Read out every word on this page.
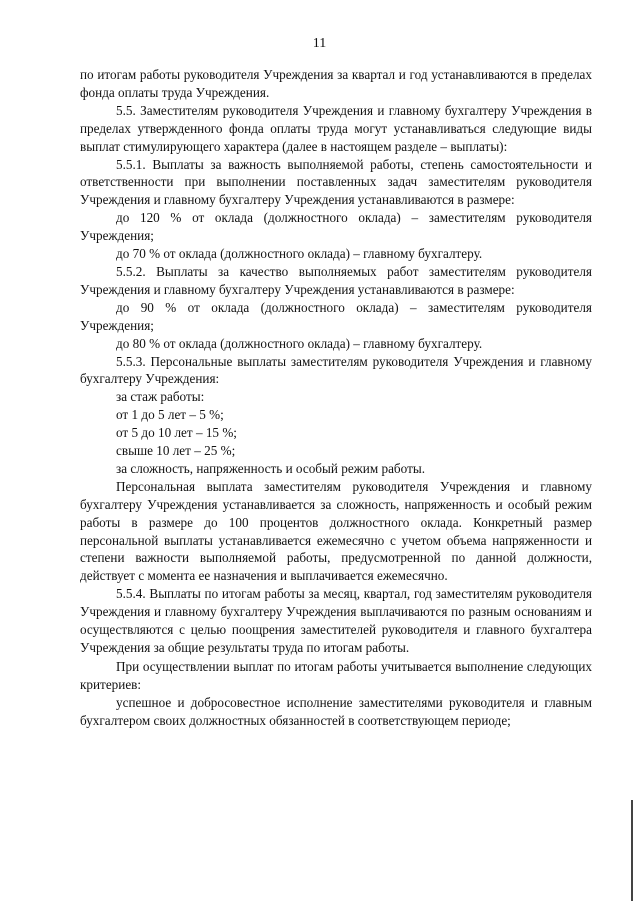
11

по итогам работы руководителя Учреждения за квартал и год устанавливаются в пределах фонда оплаты труда Учреждения.

5.5. Заместителям руководителя Учреждения и главному бухгалтеру Учреждения в пределах утвержденного фонда оплаты труда могут устанавливаться следующие виды выплат стимулирующего характера (далее в настоящем разделе – выплаты):

5.5.1. Выплаты за важность выполняемой работы, степень самостоятельности и ответственности при выполнении поставленных задач заместителям руководителя Учреждения и главному бухгалтеру Учреждения устанавливаются в размере:

до 120 % от оклада (должностного оклада) – заместителям руководителя Учреждения;

до 70 % от оклада (должностного оклада) – главному бухгалтеру.

5.5.2. Выплаты за качество выполняемых работ заместителям руководителя Учреждения и главному бухгалтеру Учреждения устанавливаются в размере:

до 90 % от оклада (должностного оклада) – заместителям руководителя Учреждения;

до 80 % от оклада (должностного оклада) – главному бухгалтеру.

5.5.3. Персональные выплаты заместителям руководителя Учреждения и главному бухгалтеру Учреждения:

за стаж работы:

от 1 до 5 лет – 5 %;

от 5 до 10 лет – 15 %;

свыше 10 лет – 25 %;

за сложность, напряженность и особый режим работы.

Персональная выплата заместителям руководителя Учреждения и главному бухгалтеру Учреждения устанавливается за сложность, напряженность и особый режим работы в размере до 100 процентов должностного оклада. Конкретный размер персональной выплаты устанавливается ежемесячно с учетом объема напряженности и степени важности выполняемой работы, предусмотренной по данной должности, действует с момента ее назначения и выплачивается ежемесячно.

5.5.4. Выплаты по итогам работы за месяц, квартал, год заместителям руководителя Учреждения и главному бухгалтеру Учреждения выплачиваются по разным основаниям и осуществляются с целью поощрения заместителей руководителя и главного бухгалтера Учреждения за общие результаты труда по итогам работы.

При осуществлении выплат по итогам работы учитывается выполнение следующих критериев:

успешное и добросовестное исполнение заместителями руководителя и главным бухгалтером своих должностных обязанностей в соответствующем периоде;
